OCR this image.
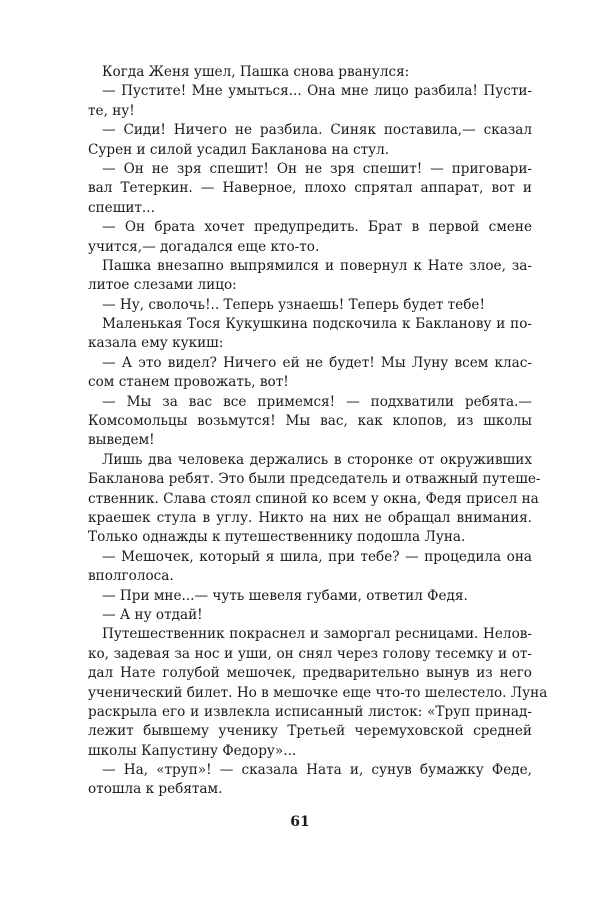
Когда Женя ушел, Пашка снова рванулся:
— Пустите! Мне умыться... Она мне лицо разбила! Пусти-
те, ну!
— Сиди! Ничего не разбила. Синяк поставила,— сказал
Сурен и силой усадил Бакланова на стул.
— Он не зря спешит! Он не зря спешит! — приговари-
вал Тетеркин. — Наверное, плохо спрятал аппарат, вот и
спешит...
— Он брата хочет предупредить. Брат в первой смене
учится,— догадался еще кто-то.
Пашка внезапно выпрямился и повернул к Нате злое, за-
литое слезами лицо:
— Ну, сволочь!.. Теперь узнаешь! Теперь будет тебе!
Маленькая Тося Кукушкина подскочила к Бакланову и по-
казала ему кукиш:
— А это видел? Ничего ей не будет! Мы Луну всем клас-
сом станем провожать, вот!
— Мы за вас все примемся! — подхватили ребята.—
Комсомольцы возьмутся! Мы вас, как клопов, из школы
выведем!
Лишь два человека держались в сторонке от окруживших
Бакланова ребят. Это были председатель и отважный путеше-
ственник. Слава стоял спиной ко всем у окна, Федя присел на
краешек стула в углу. Никто на них не обращал внимания.
Только однажды к путешественнику подошла Луна.
— Мешочек, который я шила, при тебе? — процедила она
вполголоса.
— При мне...— чуть шевеля губами, ответил Федя.
— А ну отдай!
Путешественник покраснел и заморгал ресницами. Нелов-
ко, задевая за нос и уши, он снял через голову тесемку и от-
дал Нате голубой мешочек, предварительно вынув из него
ученический билет. Но в мешочке еще что-то шелестело. Луна
раскрыла его и извлекла исписанный листок: «Труп принад-
лежит бывшему ученику Третьей черемуховской средней
школы Капустину Федору»...
— На, «труп»! — сказала Ната и, сунув бумажку Феде,
отошла к ребятам.
61
